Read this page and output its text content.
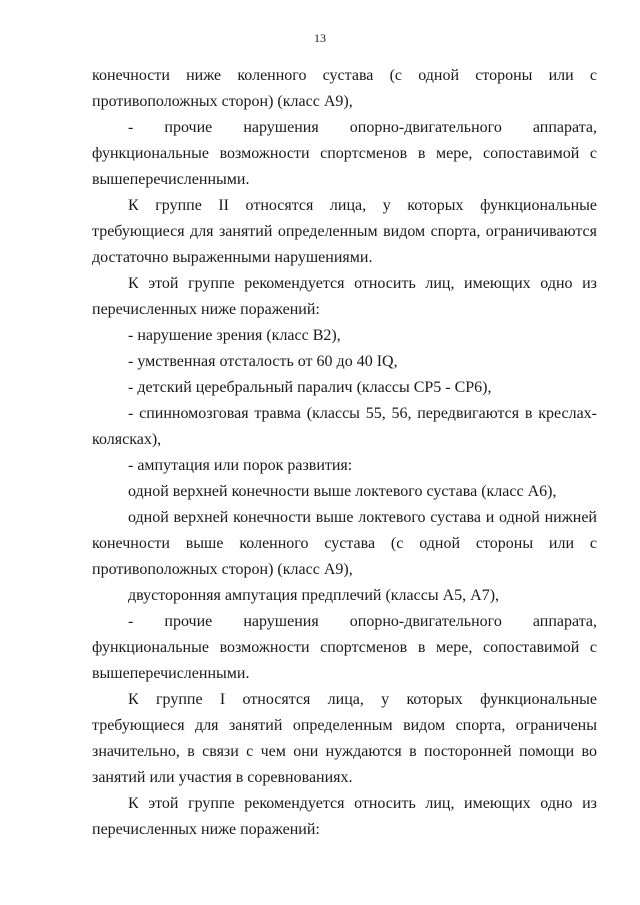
13
конечности ниже коленного сустава (с одной стороны или с
противоположных сторон) (класс А9),
- прочие нарушения опорно-двигательного аппарата,
функциональные возможности спортсменов в мере, сопоставимой с
вышеперечисленными.
К группе II относятся лица, у которых функциональные
требующиеся для занятий определенным видом спорта, ограничиваются
достаточно выраженными нарушениями.
К этой группе рекомендуется относить лиц, имеющих одно из
перечисленных ниже поражений:
- нарушение зрения (класс В2),
- умственная отсталость от 60 до 40 IQ,
- детский церебральный паралич (классы СР5 - СР6),
- спинномозговая травма (классы 55, 56, передвигаются в креслах-
колясках),
- ампутация или порок развития:
одной верхней конечности выше локтевого сустава (класс А6),
одной верхней конечности выше локтевого сустава и одной нижней
конечности выше коленного сустава (с одной стороны или с
противоположных сторон) (класс А9),
двусторонняя ампутация предплечий (классы А5, А7),
- прочие нарушения опорно-двигательного аппарата,
функциональные возможности спортсменов в мере, сопоставимой с
вышеперечисленными.
К группе I относятся лица, у которых функциональные
требующиеся для занятий определенным видом спорта, ограничены
значительно, в связи с чем они нуждаются в посторонней помощи во
занятий или участия в соревнованиях.
К этой группе рекомендуется относить лиц, имеющих одно из
перечисленных ниже поражений:
